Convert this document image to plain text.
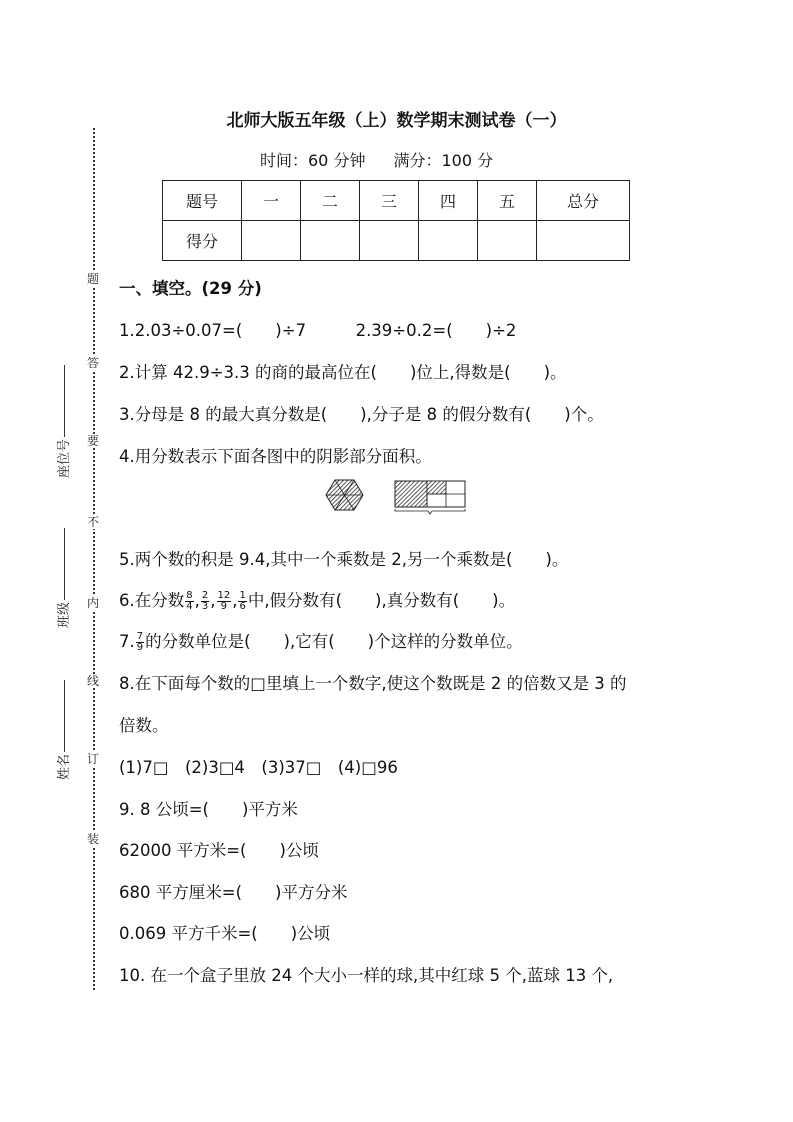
题
答
要
不
内
线
订
装
座位号
班级
姓名
北师大版五年级（上）数学期末测试卷（一）
时间：60 分钟 满分：100 分
题号	一	二	三	四	五	总分
得分						
一、填空。(29 分)
1.2.03÷0.07=(　　)÷7　　　2.39÷0.2=(　　)÷2
2.计算 42.9÷3.3 的商的最高位在(　　)位上,得数是(　　)。
3.分母是 8 的最大真分数是(　　),分子是 8 的假分数有(　　)个。
4.用分数表示下面各图中的阴影部分面积。
5.两个数的积是 9.4,其中一个乘数是 2,另一个乘数是(　　)。
6.在分数 $\frac{8}{4}$ , $\frac{2}{3}$ , $\frac{12}{9}$ , $\frac{1}{6}$ 中,假分数有(　　),真分数有(　　)。
7. $\frac{7}{9}$ 的分数单位是(　　),它有(　　)个这样的分数单位。
8.在下面每个数的□里填上一个数字,使这个数既是 2 的倍数又是 3 的
倍数。
(1)7□　(2)3□4　(3)37□　(4)□96
9. 8 公顷=(　　)平方米
62000 平方米=(　　)公顷
680 平方厘米=(　　)平方分米
0.069 平方千米=(　　)公顷
10. 在一个盒子里放 24 个大小一样的球,其中红球 5 个,蓝球 13 个,
